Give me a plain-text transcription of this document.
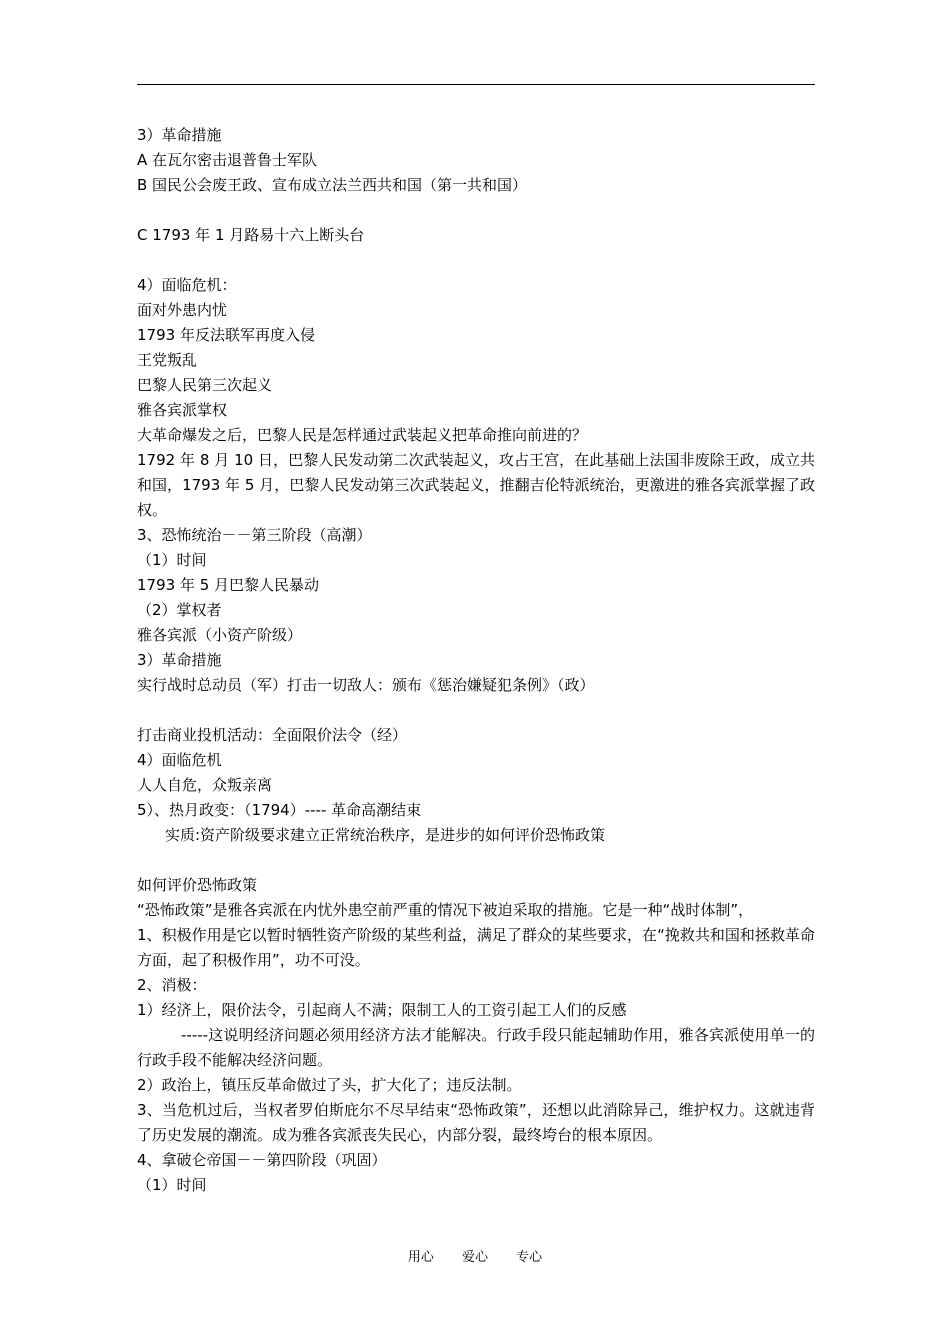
3）革命措施

A 在瓦尔密击退普鲁士军队

B 国民公会废王政、宣布成立法兰西共和国（第一共和国）

C 1793 年 1 月路易十六上断头台

4）面临危机：

面对外患内忧

1793 年反法联军再度入侵

王党叛乱

巴黎人民第三次起义

雅各宾派掌权

大革命爆发之后，巴黎人民是怎样通过武装起义把革命推向前进的？

1792 年 8 月 10 日，巴黎人民发动第二次武装起义，攻占王宫，在此基础上法国非废除王政，成立共和国，1793 年 5 月，巴黎人民发动第三次武装起义，推翻吉伦特派统治，更激进的雅各宾派掌握了政权。

3、恐怖统治－－第三阶段（高潮）

（1）时间

1793 年 5 月巴黎人民暴动

（2）掌权者

雅各宾派（小资产阶级）

3）革命措施

实行战时总动员（军）打击一切敌人：颁布《惩治嫌疑犯条例》（政）

打击商业投机活动：全面限价法令（经）

4）面临危机

人人自危，众叛亲离

5）、热月政变：（1794）---- 革命高潮结束

实质:资产阶级要求建立正常统治秩序，是进步的如何评价恐怖政策

如何评价恐怖政策

“恐怖政策”是雅各宾派在内忧外患空前严重的情况下被迫采取的措施。它是一种“战时体制”，

1、积极作用是它以暂时牺牲资产阶级的某些利益，满足了群众的某些要求，在“挽救共和国和拯救革命方面，起了积极作用”，功不可没。

2、消极：

1）经济上，限价法令，引起商人不满；限制工人的工资引起工人们的反感

-----这说明经济问题必须用经济方法才能解决。行政手段只能起辅助作用，雅各宾派使用单一的行政手段不能解决经济问题。

2）政治上，镇压反革命做过了头，扩大化了；违反法制。

3、当危机过后，当权者罗伯斯庇尔不尽早结束“恐怖政策”，还想以此消除异己，维护权力。这就违背了历史发展的潮流。成为雅各宾派丧失民心，内部分裂，最终垮台的根本原因。

4、拿破仑帝国－－第四阶段（巩固）

（1）时间

用心 爱心 专心
